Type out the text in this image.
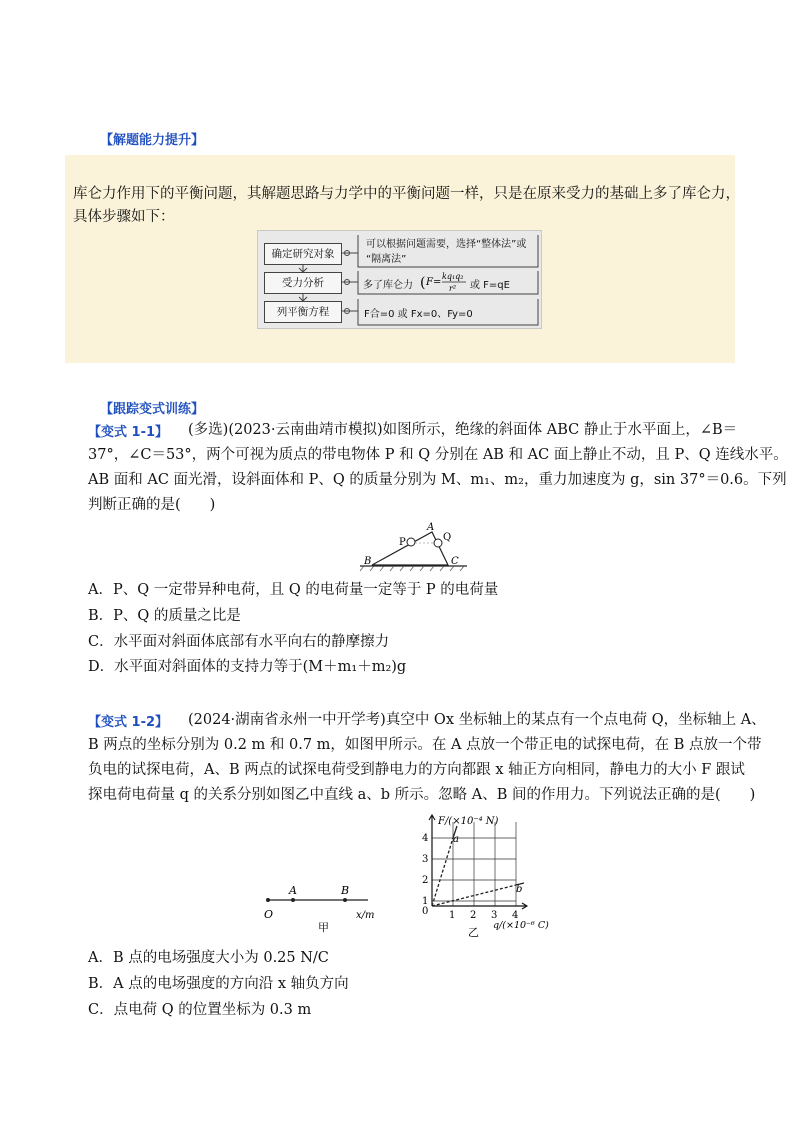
【解题能力提升】
库仑力作用下的平衡问题，其解题思路与力学中的平衡问题一样，只是在原来受力的基础上多了库仑力，
具体步骤如下：
确定研究对象
受力分析
列平衡方程
可以根据问题需要，选择“整体法”或
“隔离法”
多了库仑力 ( F=
kq₁q₂
r² 或 F=qE
F合=0 或 Fx=0、Fy=0
【跟踪变式训练】
【变式 1-1】 (多选)(2023·云南曲靖市模拟)如图所示，绝缘的斜面体 ABC 静止于水平面上，∠B＝
37°，∠C＝53°，两个可视为质点的带电物体 P 和 Q 分别在 AB 和 AC 面上静止不动，且 P、Q 连线水平。
AB 面和 AC 面光滑，设斜面体和 P、Q 的质量分别为 M、m₁、m₂，重力加速度为 g，sin 37°＝0.6。下列
判断正确的是(　　)
A
B	C
P	Q
A．P、Q 一定带异种电荷，且 Q 的电荷量一定等于 P 的电荷量
B．P、Q 的质量之比是
C．水平面对斜面体底部有水平向右的静摩擦力
D．水平面对斜面体的支持力等于(M＋m₁＋m₂)g
【变式 1-2】 (2024·湖南省永州一中开学考)真空中 Ox 坐标轴上的某点有一个点电荷 Q，坐标轴上 A、
B 两点的坐标分别为 0.2 m 和 0.7 m，如图甲所示。在 A 点放一个带正电的试探电荷，在 B 点放一个带
负电的试探电荷，A、B 两点的试探电荷受到静电力的方向都跟 x 轴正方向相同，静电力的大小 F 跟试
探电荷电荷量 q 的关系分别如图乙中直线 a、b 所示。忽略 A、B 间的作用力。下列说法正确的是(　　)
O
A	B
x/m
甲
F/(×10⁻⁴ N)
a
b
1
2
3
4
0 1 2 3 4
q/(×10⁻⁶ C)
乙
A．B 点的电场强度大小为 0.25 N/C
B．A 点的电场强度的方向沿 x 轴负方向
C．点电荷 Q 的位置坐标为 0.3 m
